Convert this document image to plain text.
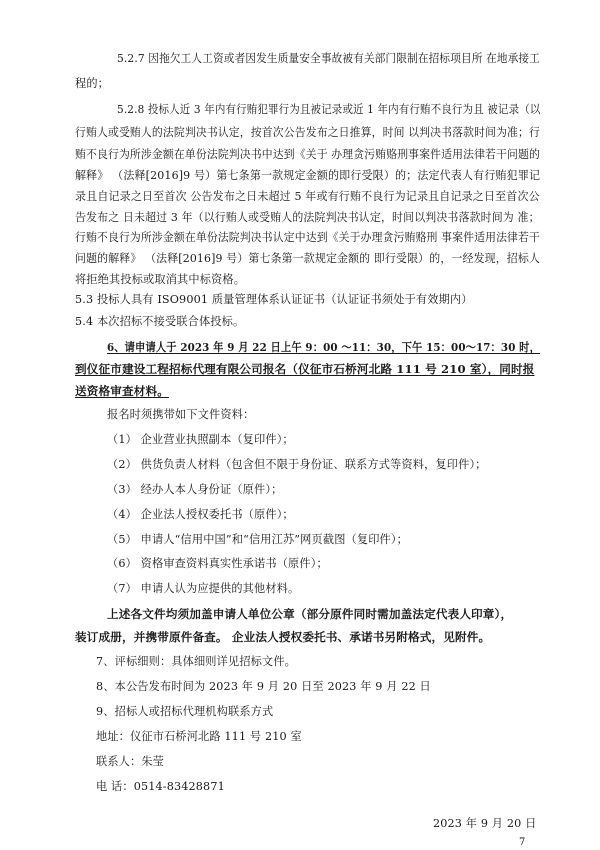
5.2.7 因拖欠工人工资或者因发生质量安全事故被有关部门限制在招标项目所 在地承接工
程的；
5.2.8 投标人近 3 年内有行贿犯罪行为且被记录或近 1 年内有行贿不良行为且 被记录（以
行贿人或受贿人的法院判决书认定，按首次公告发布之日推算，时间 以判决书落款时间为准；行
贿不良行为所涉金额在单份法院判决书中达到《关于 办理贪污贿赂刑事案件适用法律若干问题的
解释》 （法释[2016]9 号）第七条第一款规定金额的即行受限）的；法定代表人有行贿犯罪记
录且自记录之日至首次 公告发布之日未超过 5 年或有行贿不良行为记录且自记录之日至首次公
告发布之 日未超过 3 年（以行贿人或受贿人的法院判决书认定，时间以判决书落款时间为 准；
行贿不良行为所涉金额在单份法院判决书认定中达到《关于办理贪污贿赂刑 事案件适用法律若干
问题的解释》 （法释[2016]9 号）第七条第一款规定金额的 即行受限）的，一经发现，招标人
将拒绝其投标或取消其中标资格。
5.3 投标人具有 ISO9001 质量管理体系认证证书（认证证书须处于有效期内）
5.4 本次招标不接受联合体投标。
6、请申请人于 2023 年 9 月 22 日上午 9：00 ～11：30，下午 15：00～17：30 时，
到仪征市建设工程招标代理有限公司报名（仪征市石桥河北路 111 号 210 室），同时报
送资格审查材料。
报名时须携带如下文件资料：
（1） 企业营业执照副本（复印件）；
（2） 供货负责人材料（包含但不限于身份证、联系方式等资料，复印件）；
（3） 经办人本人身份证（原件）；
（4） 企业法人授权委托书（原件）；
（5） 申请人“信用中国”和“信用江苏”网页截图（复印件）；
（6） 资格审查资料真实性承诺书（原件）；
（7） 申请人认为应提供的其他材料。
上述各文件均须加盖申请人单位公章（部分原件同时需加盖法定代表人印章），
装订成册，并携带原件备查。 企业法人授权委托书、承诺书另附格式，见附件。
7、评标细则：具体细则详见招标文件。
8、本公告发布时间为 2023 年 9 月 20 日至 2023 年 9 月 22 日
9、招标人或招标代理机构联系方式
地址：仪征市石桥河北路 111 号 210 室
联系人：朱莹
电 话：0514-83428871
2023 年 9 月 20 日
7
